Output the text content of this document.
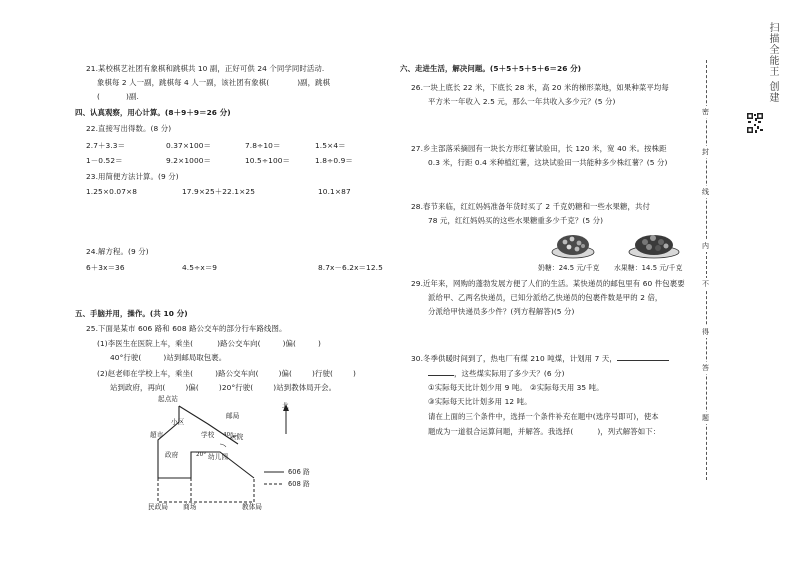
21.某校棋艺社团有象棋和跳棋共 10 副，正好可供 24 个同学同时活动.
象棋每 2 人一副，跳棋每 4 人一副，该社团有象棋(	)副，跳棋
(	)副.
四、认真观察，用心计算。(8＋9＋9＝26 分)
22.直接写出得数。(8 分)
2.7＋3.3＝	0.37×100＝	7.8÷10＝	1.5×4＝
1－0.52＝	9.2×1000＝	10.5÷100＝	1.8÷0.9＝
23.用简便方法计算。(9 分)
1.25×0.07×8	17.9×25＋22.1×25	10.1×87
24.解方程。(9 分)
6＋3x＝36	4.5÷x＝9	8.7x－6.2x＝12.5
五、手脑并用，操作。(共 10 分)
25.下面是某市 606 路和 608 路公交车的部分行车路线图。
(1)李医生在医院上车，乘坐(	)路公交车向(	)偏(	)
40°行驶(	)站到邮局取包裹。
(2)赵老师在学校上车，乘坐(	)路公交车向(	)偏(	)行驶(	)
站到政府，再向(	)偏(	)20°行驶(	)站到教体局开会。
起点站
小区
邮局
超市	学校 医院
40°
政府	20° 幼儿园
民政局 商场	教体局
北
606 路
608 路
六、走进生活，解决问题。(5＋5＋5＋5＋6＝26 分)
26.一块上底长 22 米，下底长 28 米，高 20 米的梯形菜地，如果种菜平均每
平方米一年收入 2.5 元，那么一年共收入多少元？(5 分)
27.乡主部落采摘园有一块长方形红薯试验田，长 120 米，宽 40 米。按株距
0.3 米，行距 0.4 米种植红薯，这块试验田一共能种多少株红薯？(5 分)
28.春节来临，红红妈妈准备年货时买了 2 千克奶糖和一些水果糖，共付
78 元，红红妈妈买的这些水果糖重多少千克？(5 分)
奶糖：24.5 元/千克 水果糖：14.5 元/千克
29.近年来，网购的蓬勃发展方便了人们的生活。某快递员的邮包里有 60 件包裹要
派给甲、乙两名快递员，已知分派给乙快递员的包裹件数是甲的 2 倍，
分派给甲快递员多少件？(列方程解答)(5 分)
30.冬季供暖时间到了，热电厂有煤 210 吨煤，计划用 7 天，
，这些煤实际用了多少天？(6 分)
①实际每天比计划少用 9 吨。 ②实际每天用 35 吨。
③实际每天比计划多用 12 吨。
请在上面的三个条件中，选择一个条件补充在题中(选序号即可)，使本
题成为一道很合运算问题，并解答。我选择(	)，列式解答如下：
密
封
线
内
不
得
答
题
扫描全能王 创建
